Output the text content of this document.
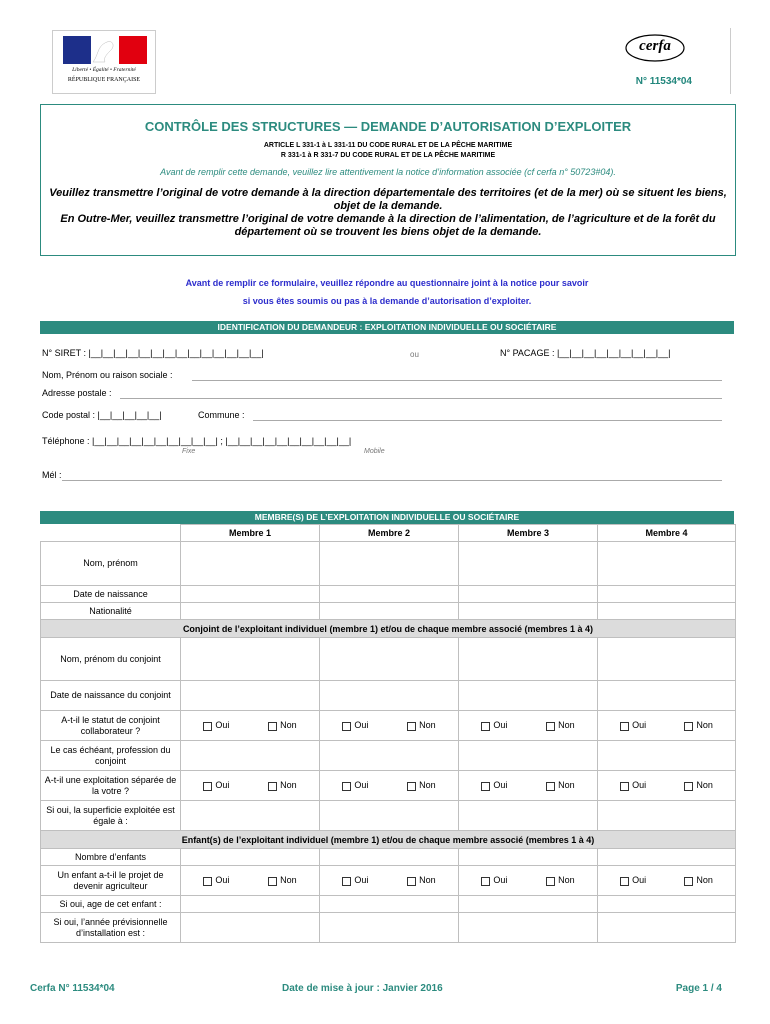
Liberté • Égalité • Fraternité
RÉPUBLIQUE FRANÇAISE
cerfa
N° 11534*04
CONTRÔLE DES STRUCTURES — DEMANDE D’AUTORISATION D’EXPLOITER
ARTICLE L 331-1 à L 331-11 DU CODE RURAL ET DE LA PÊCHE MARITIME
R 331-1 à R 331-7 DU CODE RURAL ET DE LA PÊCHE MARITIME
Avant de remplir cette demande, veuillez lire attentivement la notice d’information associée (cf cerfa n° 50723#04).
Veuillez transmettre l’original de votre demande à la direction départementale des territoires (et de la mer) où se situent les biens, objet de la demande.
En Outre-Mer, veuillez transmettre l’original de votre demande à la direction de l’alimentation, de l’agriculture et de la forêt du département où se trouvent les biens objet de la demande.
Avant de remplir ce formulaire, veuillez répondre au questionnaire joint à la notice pour savoir
si vous êtes soumis ou pas à la demande d’autorisation d’exploiter.
IDENTIFICATION DU DEMANDEUR : EXPLOITATION INDIVIDUELLE OU SOCIÉTAIRE
N° SIRET : |__|__|__|__|__|__|__|__|__|__|__|__|__|__|	ou	N° PACAGE : |__|__|__|__|__|__|__|__|__|
Nom, Prénom ou raison sociale :
Adresse postale :
Code postal : |__|__|__|__|__|	Commune :
Téléphone : |__|__|__|__|__|__|__|__|__|__| ; |__|__|__|__|__|__|__|__|__|__|
Fixe	Mobile
Mél :
MEMBRE(S) DE L’EXPLOITATION INDIVIDUELLE OU SOCIÉTAIRE
	Membre 1	Membre 2	Membre 3	Membre 4
Nom, prénom				
Date de naissance				
Nationalité				
Conjoint de l’exploitant individuel (membre 1) et/ou de chaque membre associé (membres 1 à 4)				
Nom, prénom du conjoint				
Date de naissance du conjoint				
A-t-il le statut de conjoint collaborateur ?	Oui Non	Oui Non	Oui Non	Oui Non

Le cas échéant, profession du conjoint				
A-t-il une exploitation séparée de la votre ?	Oui Non	Oui Non	Oui Non	Oui Non

Si oui, la superficie exploitée est égale à :				
Enfant(s) de l’exploitant individuel (membre 1) et/ou de chaque membre associé (membres 1 à 4)				
Nombre d’enfants				
Un enfant a-t-il le projet de devenir agriculteur	Oui Non	Oui Non	Oui Non	Oui Non

Si oui, age de cet enfant :				
Si oui, l’année prévisionnelle d’installation est :				
Cerfa N° 11534*04	Date de mise à jour : Janvier 2016	Page 1 / 4
